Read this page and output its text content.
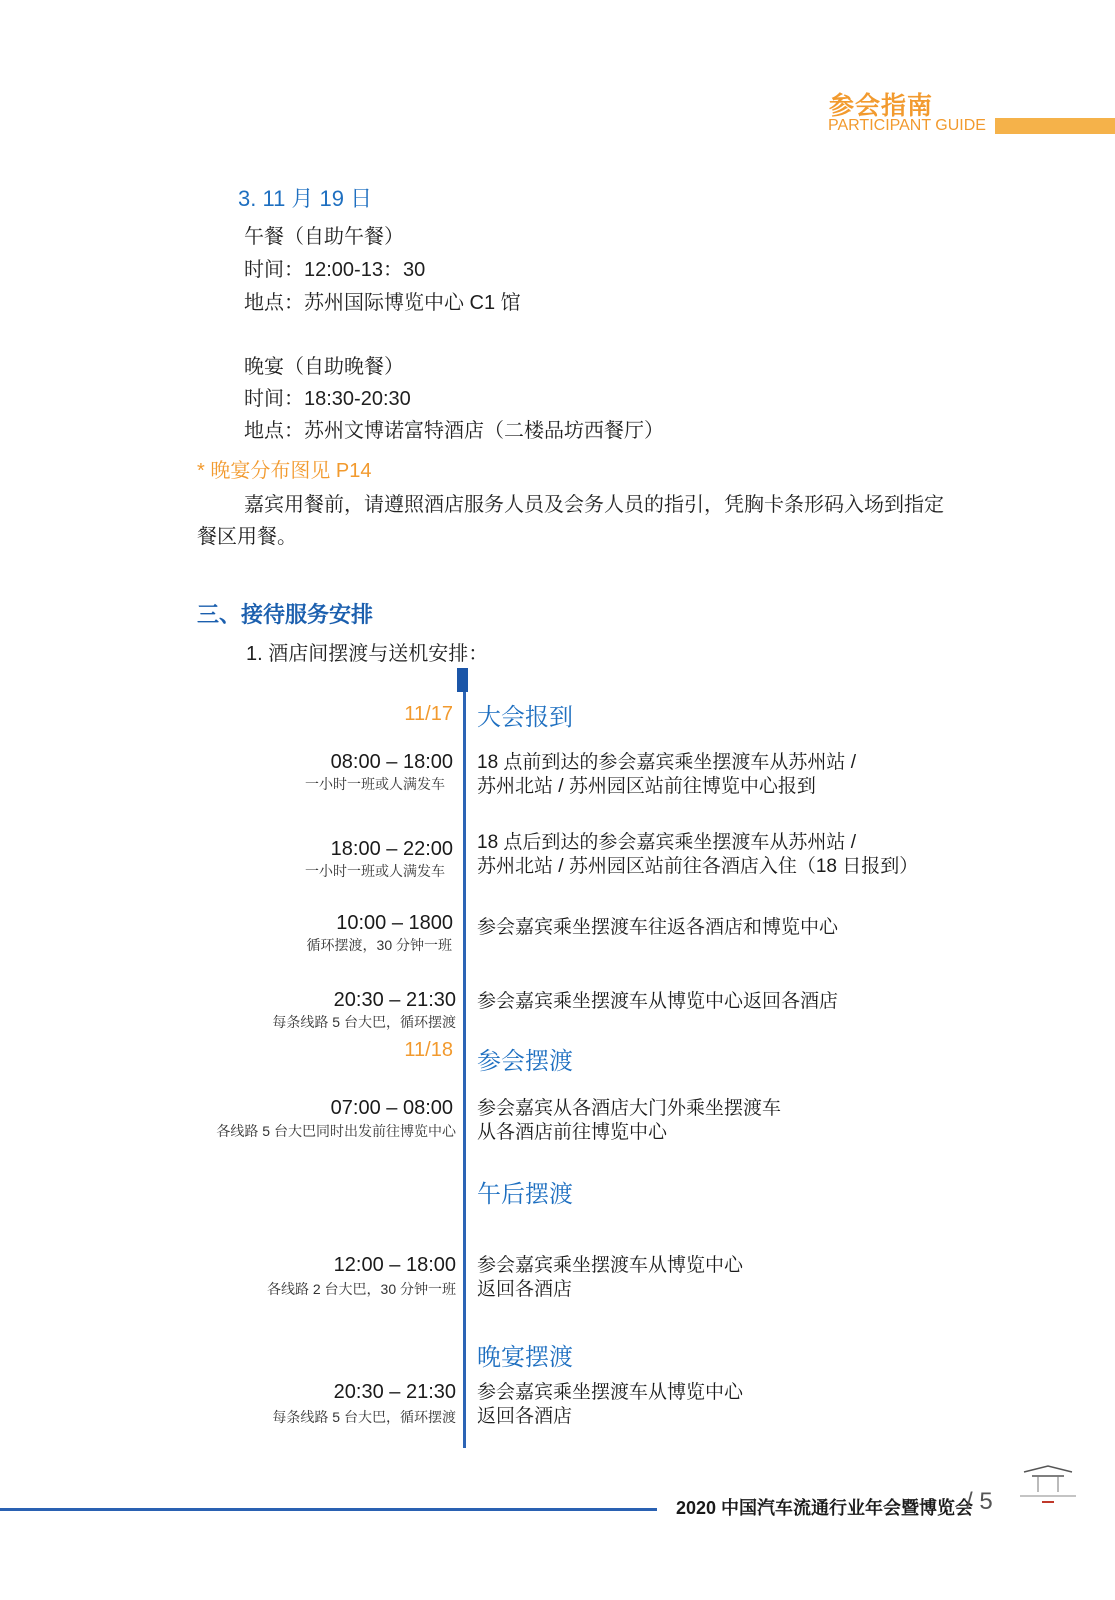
参会指南
PARTICIPANT GUIDE
3. 11 月 19 日
午餐（自助午餐）
时间：12:00-13：30
地点：苏州国际博览中心 C1 馆
晚宴（自助晚餐）
时间：18:30-20:30
地点：苏州文博诺富特酒店（二楼品坊西餐厅）
* 晚宴分布图见 P14
嘉宾用餐前，请遵照酒店服务人员及会务人员的指引，凭胸卡条形码入场到指定
餐区用餐。
三、接待服务安排
1. 酒店间摆渡与送机安排：
11/17 大会报到
08:00 – 18:00
一小时一班或人满发车
18 点前到达的参会嘉宾乘坐摆渡车从苏州站 /
苏州北站 / 苏州园区站前往博览中心报到
18:00 – 22:00
一小时一班或人满发车
18 点后到达的参会嘉宾乘坐摆渡车从苏州站 /
苏州北站 / 苏州园区站前往各酒店入住（18 日报到）
10:00 – 1800
循环摆渡，30 分钟一班
参会嘉宾乘坐摆渡车往返各酒店和博览中心
20:30 – 21:30
每条线路 5 台大巴，循环摆渡
参会嘉宾乘坐摆渡车从博览中心返回各酒店
11/18 参会摆渡
07:00 – 08:00
各线路 5 台大巴同时出发前往博览中心
参会嘉宾从各酒店大门外乘坐摆渡车
从各酒店前往博览中心
午后摆渡
12:00 – 18:00
各线路 2 台大巴，30 分钟一班
参会嘉宾乘坐摆渡车从博览中心
返回各酒店
晚宴摆渡
20:30 – 21:30
每条线路 5 台大巴，循环摆渡
参会嘉宾乘坐摆渡车从博览中心
返回各酒店
2020 中国汽车流通行业年会暨博览会
/ 5
